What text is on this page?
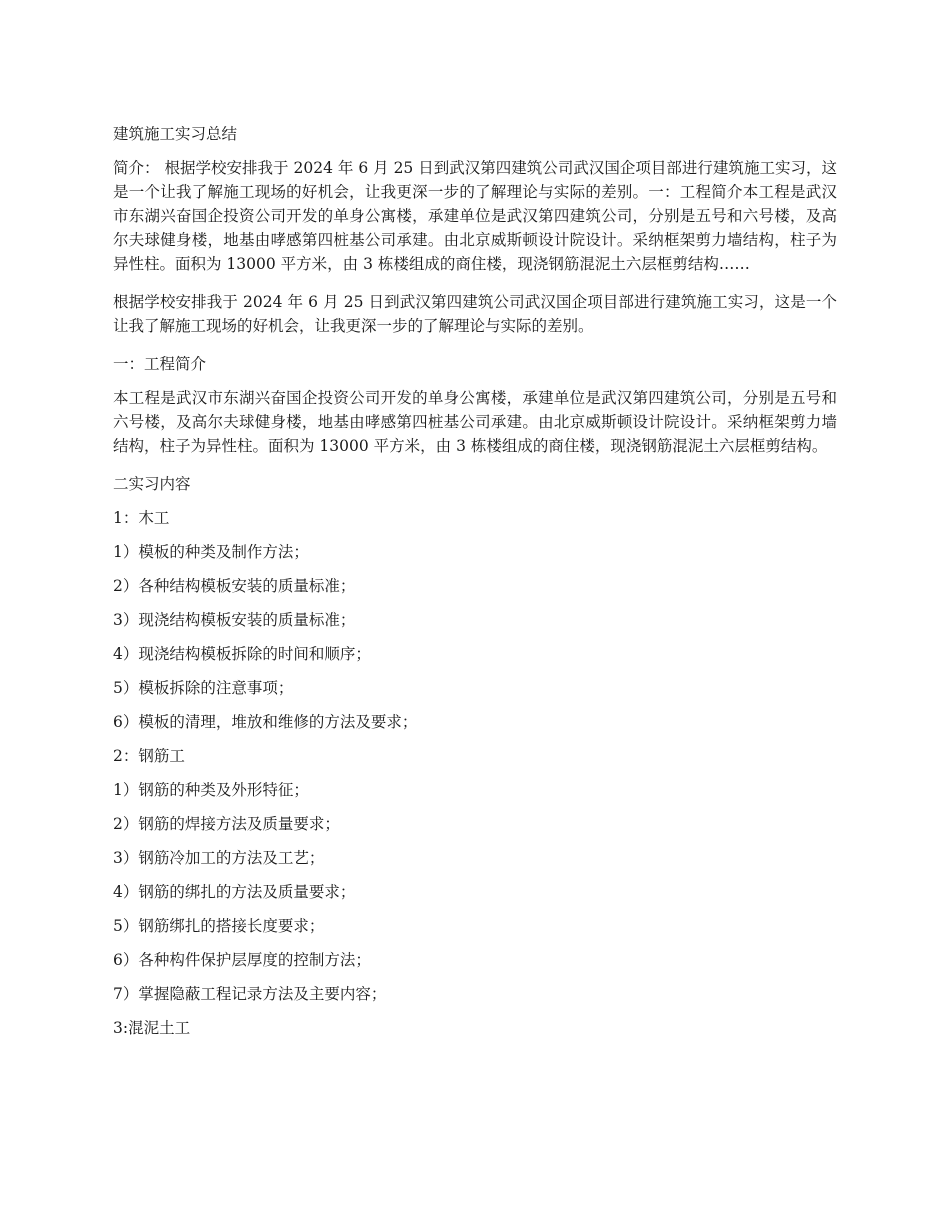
建筑施工实习总结

简介： 根据学校安排我于 2024 年 6 月 25 日到武汉第四建筑公司武汉国企项目部进行建筑施工实习，这是一个让我了解施工现场的好机会，让我更深一步的了解理论与实际的差别。一：工程简介本工程是武汉市东湖兴奋国企投资公司开发的单身公寓楼，承建单位是武汉第四建筑公司，分别是五号和六号楼，及高尔夫球健身楼，地基由哮感第四桩基公司承建。由北京威斯顿设计院设计。采纳框架剪力墙结构，柱子为异性柱。面积为 13000 平方米，由 3 栋楼组成的商住楼，现浇钢筋混泥土六层框剪结构……

根据学校安排我于 2024 年 6 月 25 日到武汉第四建筑公司武汉国企项目部进行建筑施工实习，这是一个让我了解施工现场的好机会，让我更深一步的了解理论与实际的差别。

一：工程简介

本工程是武汉市东湖兴奋国企投资公司开发的单身公寓楼，承建单位是武汉第四建筑公司，分别是五号和六号楼，及高尔夫球健身楼，地基由哮感第四桩基公司承建。由北京威斯顿设计院设计。采纳框架剪力墙结构，柱子为异性柱。面积为 13000 平方米，由 3 栋楼组成的商住楼，现浇钢筋混泥土六层框剪结构。

二实习内容

1：木工

1）模板的种类及制作方法；

2）各种结构模板安装的质量标准；

3）现浇结构模板安装的质量标准；

4）现浇结构模板拆除的时间和顺序；

5）模板拆除的注意事项；

6）模板的清理，堆放和维修的方法及要求；

2：钢筋工

1）钢筋的种类及外形特征；

2）钢筋的焊接方法及质量要求；

3）钢筋冷加工的方法及工艺；

4）钢筋的绑扎的方法及质量要求；

5）钢筋绑扎的搭接长度要求；

6）各种构件保护层厚度的控制方法；

7）掌握隐蔽工程记录方法及主要内容；

3:混泥土工
